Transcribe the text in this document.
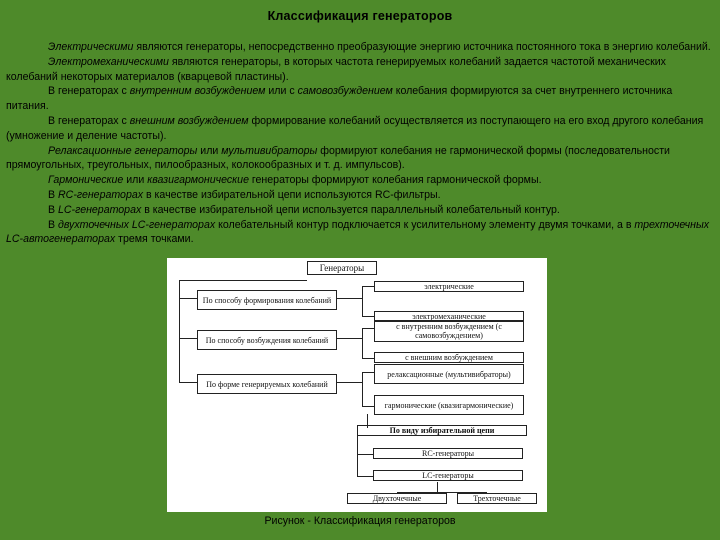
Классификация генераторов

Электрическими являются генераторы, непосредственно преобразующие энергию источника постоянного тока в энергию колебаний.

Электромеханическими являются генераторы, в которых частота генерируемых колебаний задается частотой механических колебаний некоторых материалов (кварцевой пластины).

В генераторах с внутренним возбуждением или с самовозбуждением колебания формируются за счет внутреннего источника питания.

В генераторах с внешним возбуждением формирование колебаний осуществляется из поступающего на его вход другого колебания (умножение и деление частоты).

Релаксационные генераторы или мультивибраторы формируют колебания не гармонической формы (последовательности прямоугольных, треугольных, пилообразных, колокообразных и т. д. импульсов).

Гармонические или квазигармонические генераторы формируют колебания гармонической формы.

В RC-генераторах в качестве избирательной цепи используются RC-фильтры.

В LC-генераторах в качестве избирательной цепи используется параллельный колебательный контур.

В двухточечных LC-генераторах колебательный контур подключается к усилительному элементу двумя точками, а в трехточечных LC-автогенераторах тремя точками.

Генераторы
По способу формирования колебаний
По способу возбуждения колебаний
По форме генерируемых колебаний
электрические
электромеханические
с внутренним возбуждением (с самовозбуждением)
с внешним возбуждением
релаксационные (мультивибраторы)
гармонические (квазигармонические)
По виду избирательной цепи
RC-генераторы
LC-генераторы
Двухточечные	Трехточечные
Рисунок - Классификация генераторов
